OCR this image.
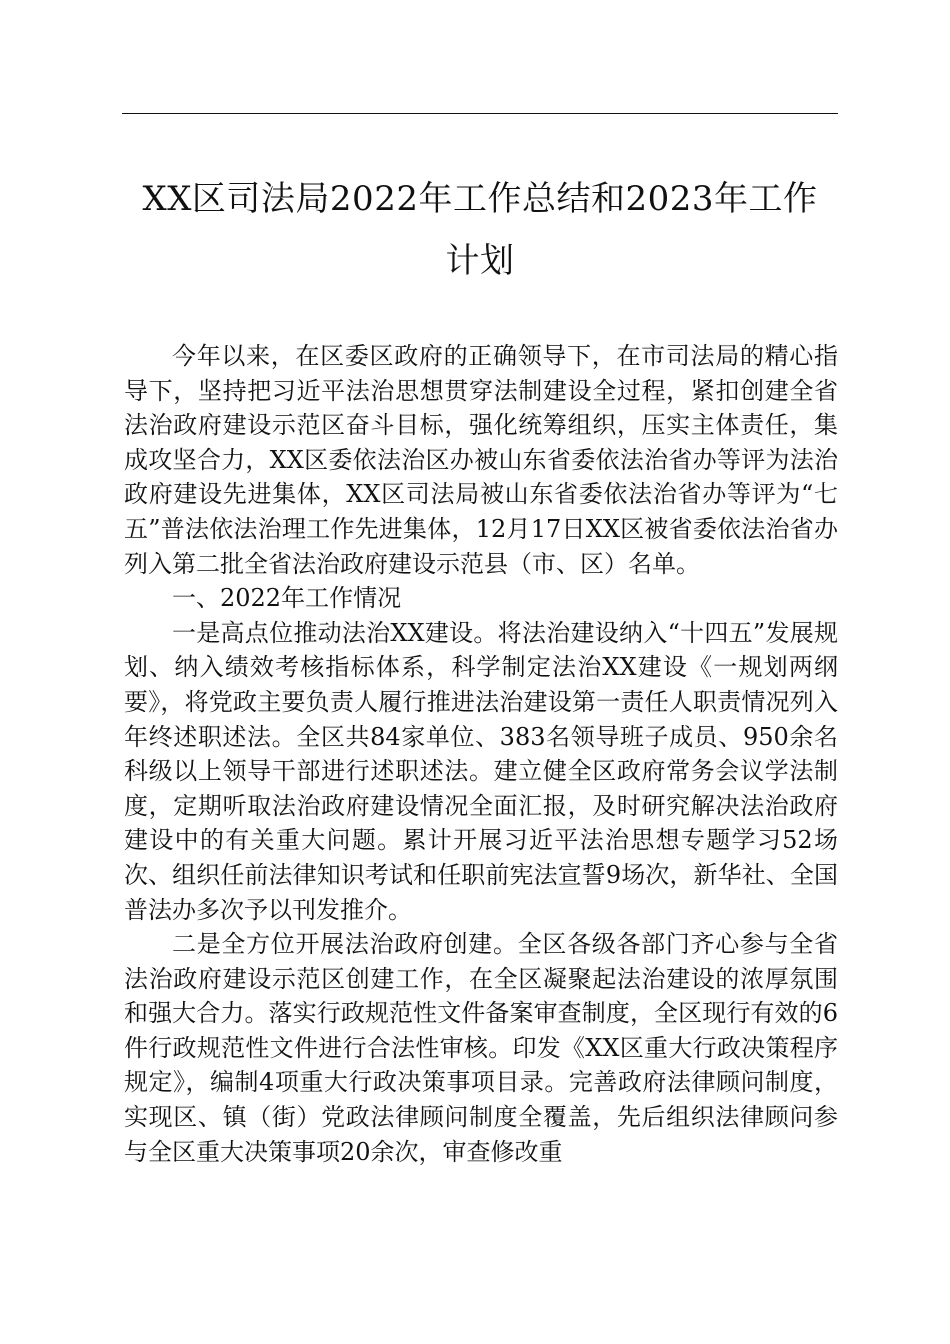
XX区司法局2022年工作总结和2023年工作
计划

今年以来，在区委区政府的正确领导下，在市司法局的精心指导下，坚持把习近平法治思想贯穿法制建设全过程，紧扣创建全省法治政府建设示范区奋斗目标，强化统筹组织，压实主体责任，集成攻坚合力，XX区委依法治区办被山东省委依法治省办等评为法治政府建设先进集体，XX区司法局被山东省委依法治省办等评为“七五”普法依法治理工作先进集体，12月17日XX区被省委依法治省办列入第二批全省法治政府建设示范县（市、区）名单。

一、2022年工作情况

一是高点位推动法治XX建设。将法治建设纳入“十四五”发展规划、纳入绩效考核指标体系，科学制定法治XX建设《一规划两纲要》，将党政主要负责人履行推进法治建设第一责任人职责情况列入年终述职述法。全区共84家单位、383名领导班子成员、950余名科级以上领导干部进行述职述法。建立健全区政府常务会议学法制度，定期听取法治政府建设情况全面汇报，及时研究解决法治政府建设中的有关重大问题。累计开展习近平法治思想专题学习52场次、组织任前法律知识考试和任职前宪法宣誓9场次，新华社、全国普法办多次予以刊发推介。

二是全方位开展法治政府创建。全区各级各部门齐心参与全省法治政府建设示范区创建工作，在全区凝聚起法治建设的浓厚氛围和强大合力。落实行政规范性文件备案审查制度，全区现行有效的6件行政规范性文件进行合法性审核。印发《XX区重大行政决策程序规定》，编制4项重大行政决策事项目录。完善政府法律顾问制度，实现区、镇（街）党政法律顾问制度全覆盖，先后组织法律顾问参与全区重大决策事项20余次，审查修改重
